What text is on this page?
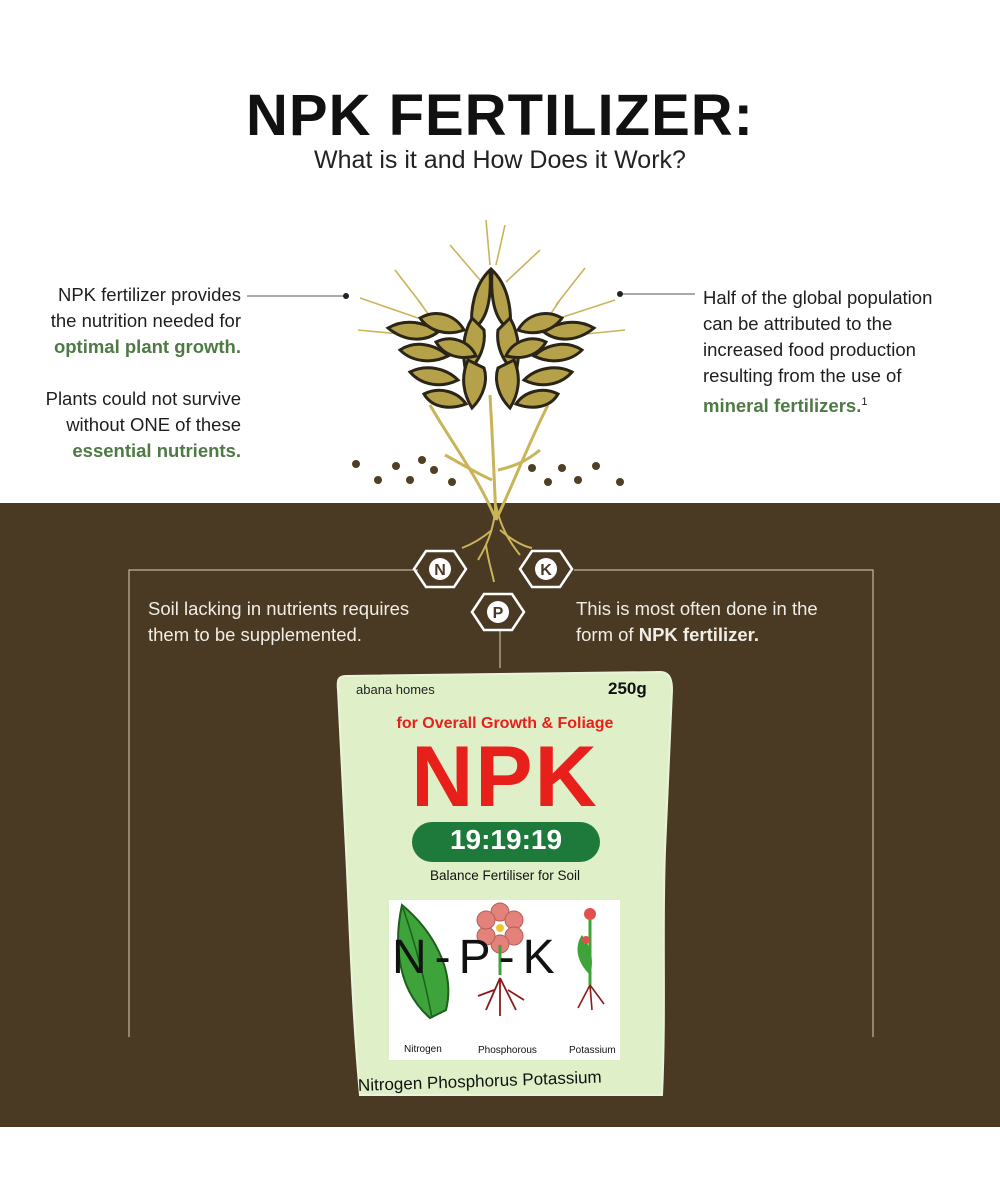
NPK FERTILIZER:
What is it and How Does it Work?
NPK fertilizer provides
the nutrition needed for
optimal plant growth.
Plants could not survive
without ONE of these
essential nutrients.
Half of the global population
can be attributed to the
increased food production
resulting from the use of
mineral fertilizers.$^1$
N	K
P
Soil lacking in nutrients requires
them to be supplemented.
This is most often done in the
form of NPK fertilizer.
abana homes	250g
for Overall Growth & Foliage
NPK
19:19:19
Balance Fertiliser for Soil
N-P-K
Nitrogen	Phosphorous	Potassium
Nitrogen Phosphorus Potassium
